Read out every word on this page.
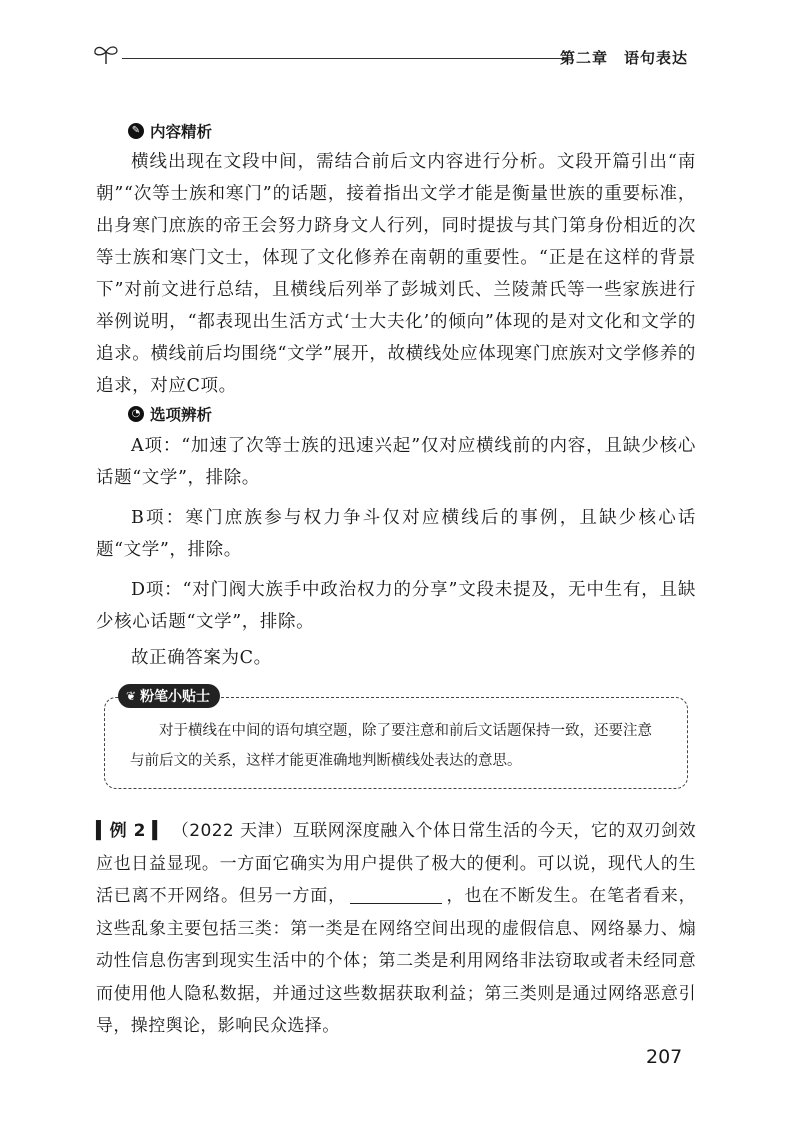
第二章　语句表达
✎ 内容精析
横线出现在文段中间，需结合前后文内容进行分析。文段开篇引出“南朝”“次等士族和寒门”的话题，接着指出文学才能是衡量世族的重要标准，出身寒门庶族的帝王会努力跻身文人行列，同时提拔与其门第身份相近的次等士族和寒门文士，体现了文化修养在南朝的重要性。“正是在这样的背景下”对前文进行总结，且横线后列举了彭城刘氏、兰陵萧氏等一些家族进行举例说明，“都表现出生活方式‘士大夫化’的倾向”体现的是对文化和文学的追求。横线前后均围绕“文学”展开，故横线处应体现寒门庶族对文学修养的追求，对应C项。
◔ 选项辨析
A项：“加速了次等士族的迅速兴起”仅对应横线前的内容，且缺少核心话题“文学”，排除。
B项：寒门庶族参与权力争斗仅对应横线后的事例，且缺少核心话题“文学”，排除。
D项：“对门阀大族手中政治权力的分享”文段未提及，无中生有，且缺少核心话题“文学”，排除。
故正确答案为C。
❦ 粉笔小贴士
对于横线在中间的语句填空题，除了要注意和前后文话题保持一致，还要注意
与前后文的关系，这样才能更准确地判断横线处表达的意思。
▍例 2 ▍ （2022 天津）互联网深度融入个体日常生活的今天，它的双刃剑效应也日益显现。一方面它确实为用户提供了极大的便利。可以说，现代人的生活已离不开网络。但另一方面，	，也在不断发生。在笔者看来，这些乱象主要包括三类：第一类是在网络空间出现的虚假信息、网络暴力、煽动性信息伤害到现实生活中的个体；第二类是利用网络非法窃取或者未经同意而使用他人隐私数据，并通过这些数据获取利益；第三类则是通过网络恶意引导，操控舆论，影响民众选择。
207
